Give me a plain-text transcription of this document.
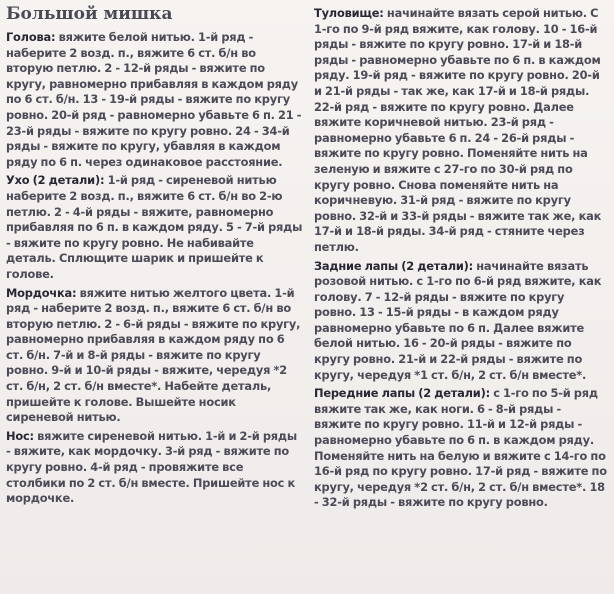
Большой мишка

Голова: вяжите белой нитью. 1-й ряд - наберите 2 возд. п., вяжите 6 ст. б/н во вторую петлю. 2 - 12-й ряды - вяжите по кругу, равномерно прибавляя в каждом ряду по 6 ст. б/н. 13 - 19-й ряды - вяжите по кругу ровно. 20-й ряд - равномерно убавьте 6 п. 21 - 23-й ряды - вяжите по кругу ровно. 24 - 34-й ряды - вяжите по кругу, убавляя в каждом ряду по 6 п. через одинаковое расстояние.

Ухо (2 детали): 1-й ряд - сиреневой нитью наберите 2 возд. п., вяжите 6 ст. б/н во 2-ю петлю. 2 - 4-й ряды - вяжите, равномерно прибавляя по 6 п. в каждом ряду. 5 - 7-й ряды - вяжите по кругу ровно. Не набивайте деталь. Сплющите шарик и пришейте к голове.

Мордочка: вяжите нитью желтого цвета. 1-й ряд - наберите 2 возд. п., вяжите 6 ст. б/н во вторую петлю. 2 - 6-й ряды - вяжите по кругу, равномерно прибавляя в каждом ряду по 6 ст. б/н. 7-й и 8-й ряды - вяжите по кругу ровно. 9-й и 10-й ряды - вяжите, чередуя *2 ст. б/н, 2 ст. б/н вместе*. Набейте деталь, пришейте к голове. Вышейте носик сиреневой нитью.

Нос: вяжите сиреневой нитью. 1-й и 2-й ряды - вяжите, как мордочку. 3-й ряд - вяжите по кругу ровно. 4-й ряд - провяжите все столбики по 2 ст. б/н вместе. Пришейте нос к мордочке.

Туловище: начинайте вязать серой нитью. С 1-го по 9-й ряд вяжите, как голову. 10 - 16-й ряды - вяжите по кругу ровно. 17-й и 18-й ряды - равномерно убавьте по 6 п. в каждом ряду. 19-й ряд - вяжите по кругу ровно. 20-й и 21-й ряды - так же, как 17-й и 18-й ряды. 22-й ряд - вяжите по кругу ровно. Далее вяжите коричневой нитью. 23-й ряд - равномерно убавьте 6 п. 24 - 26-й ряды - вяжите по кругу ровно. Поменяйте нить на зеленую и вяжите с 27-го по 30-й ряд по кругу ровно. Снова поменяйте нить на коричневую. 31-й ряд - вяжите по кругу ровно. 32-й и 33-й ряды - вяжите так же, как 17-й и 18-й ряды. 34-й ряд - стяните через петлю.

Задние лапы (2 детали): начинайте вязать розовой нитью. с 1-го по 6-й ряд вяжите, как голову. 7 - 12-й ряды - вяжите по кругу ровно. 13 - 15-й ряды - в каждом ряду равномерно убавьте по 6 п. Далее вяжите белой нитью. 16 - 20-й ряды - вяжите по кругу ровно. 21-й и 22-й ряды - вяжите по кругу, чередуя *1 ст. б/н, 2 ст. б/н вместе*.

Передние лапы (2 детали): с 1-го по 5-й ряд вяжите так же, как ноги. 6 - 8-й ряды - вяжите по кругу ровно. 11-й и 12-й ряды - равномерно убавьте по 6 п. в каждом ряду. Поменяйте нить на белую и вяжите с 14-го по 16-й ряд по кругу ровно. 17-й ряд - вяжите по кругу, чередуя *2 ст. б/н, 2 ст. б/н вместе*. 18 - 32-й ряды - вяжите по кругу ровно.
